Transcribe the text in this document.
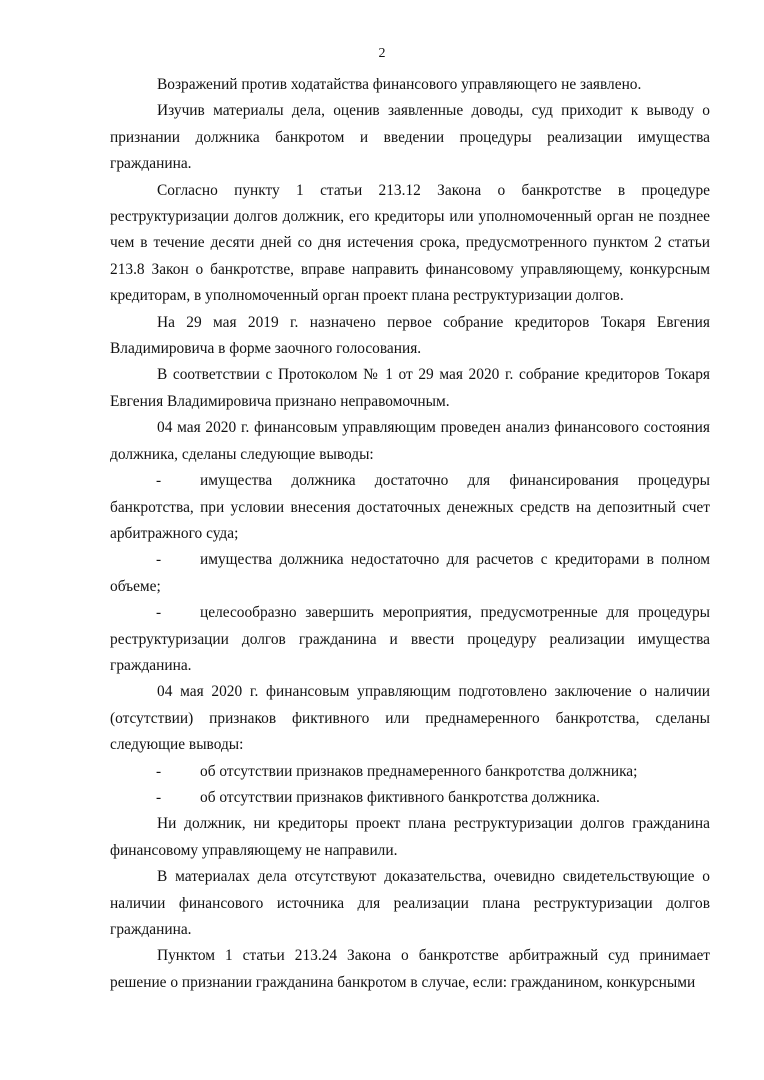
2

Возражений против ходатайства финансового управляющего не заявлено.

Изучив материалы дела, оценив заявленные доводы, суд приходит к выводу о признании должника банкротом и введении процедуры реализации имущества гражданина.

Согласно пункту 1 статьи 213.12 Закона о банкротстве в процедуре реструктуризации долгов должник, его кредиторы или уполномоченный орган не позднее чем в течение десяти дней со дня истечения срока, предусмотренного пунктом 2 статьи 213.8 Закон о банкротстве, вправе направить финансовому управляющему, конкурсным кредиторам, в уполномоченный орган проект плана реструктуризации долгов.

На 29 мая 2019 г. назначено первое собрание кредиторов Токаря Евгения Владимировича в форме заочного голосования.

В соответствии с Протоколом № 1 от 29 мая 2020 г. собрание кредиторов Токаря Евгения Владимировича признано неправомочным.

04 мая 2020 г. финансовым управляющим проведен анализ финансового состояния должника, сделаны следующие выводы:

-	имущества должника достаточно для финансирования процедуры банкротства, при условии внесения достаточных денежных средств на депозитный счет арбитражного суда;
-	имущества должника недостаточно для расчетов с кредиторами в полном объеме;
-	целесообразно завершить мероприятия, предусмотренные для процедуры реструктуризации долгов гражданина и ввести процедуру реализации имущества гражданина.

04 мая 2020 г. финансовым управляющим подготовлено заключение о наличии (отсутствии) признаков фиктивного или преднамеренного банкротства, сделаны следующие выводы:

-	об отсутствии признаков преднамеренного банкротства должника;
-	об отсутствии признаков фиктивного банкротства должника.

Ни должник, ни кредиторы проект плана реструктуризации долгов гражданина финансовому управляющему не направили.

В материалах дела отсутствуют доказательства, очевидно свидетельствующие о наличии финансового источника для реализации плана реструктуризации долгов гражданина.

Пунктом 1 статьи 213.24 Закона о банкротстве арбитражный суд принимает решение о признании гражданина банкротом в случае, если: гражданином, конкурсными
